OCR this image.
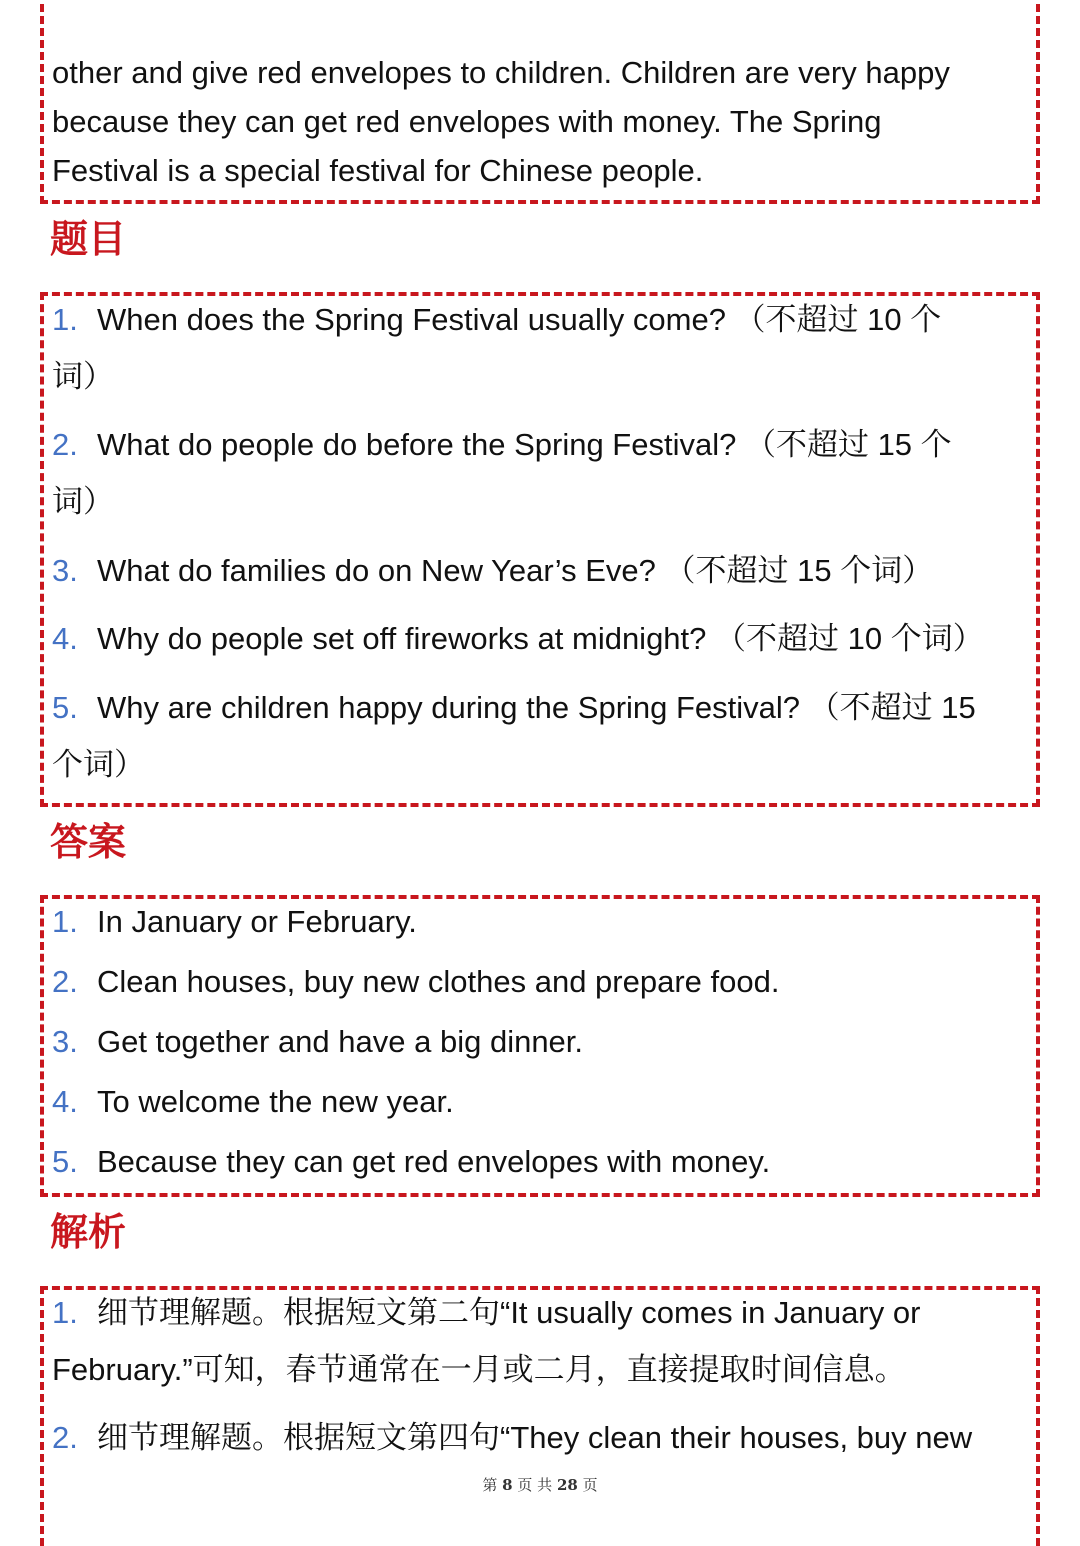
other and give red envelopes to children. Children are very happy

because they can get red envelopes with money. The Spring

Festival is a special festival for Chinese people.

题目
1. When does the Spring Festival usually come? （不超过 10 个
词）
2. What do people do before the Spring Festival? （不超过 15 个
词）
3. What do families do on New Year’s Eve? （不超过 15 个词）
4. Why do people set off fireworks at midnight? （不超过 10 个词）
5. Why are children happy during the Spring Festival? （不超过 15
个词）
答案
1. In January or February.
2. Clean houses, buy new clothes and prepare food.
3. Get together and have a big dinner.
4. To welcome the new year.
5. Because they can get red envelopes with money.
解析
1. 细节理解题。根据短文第二句“It usually comes in January or
February.”可知，春节通常在一月或二月，直接提取时间信息。
2. 细节理解题。根据短文第四句“They clean their houses, buy new
第 8 页 共 28 页
